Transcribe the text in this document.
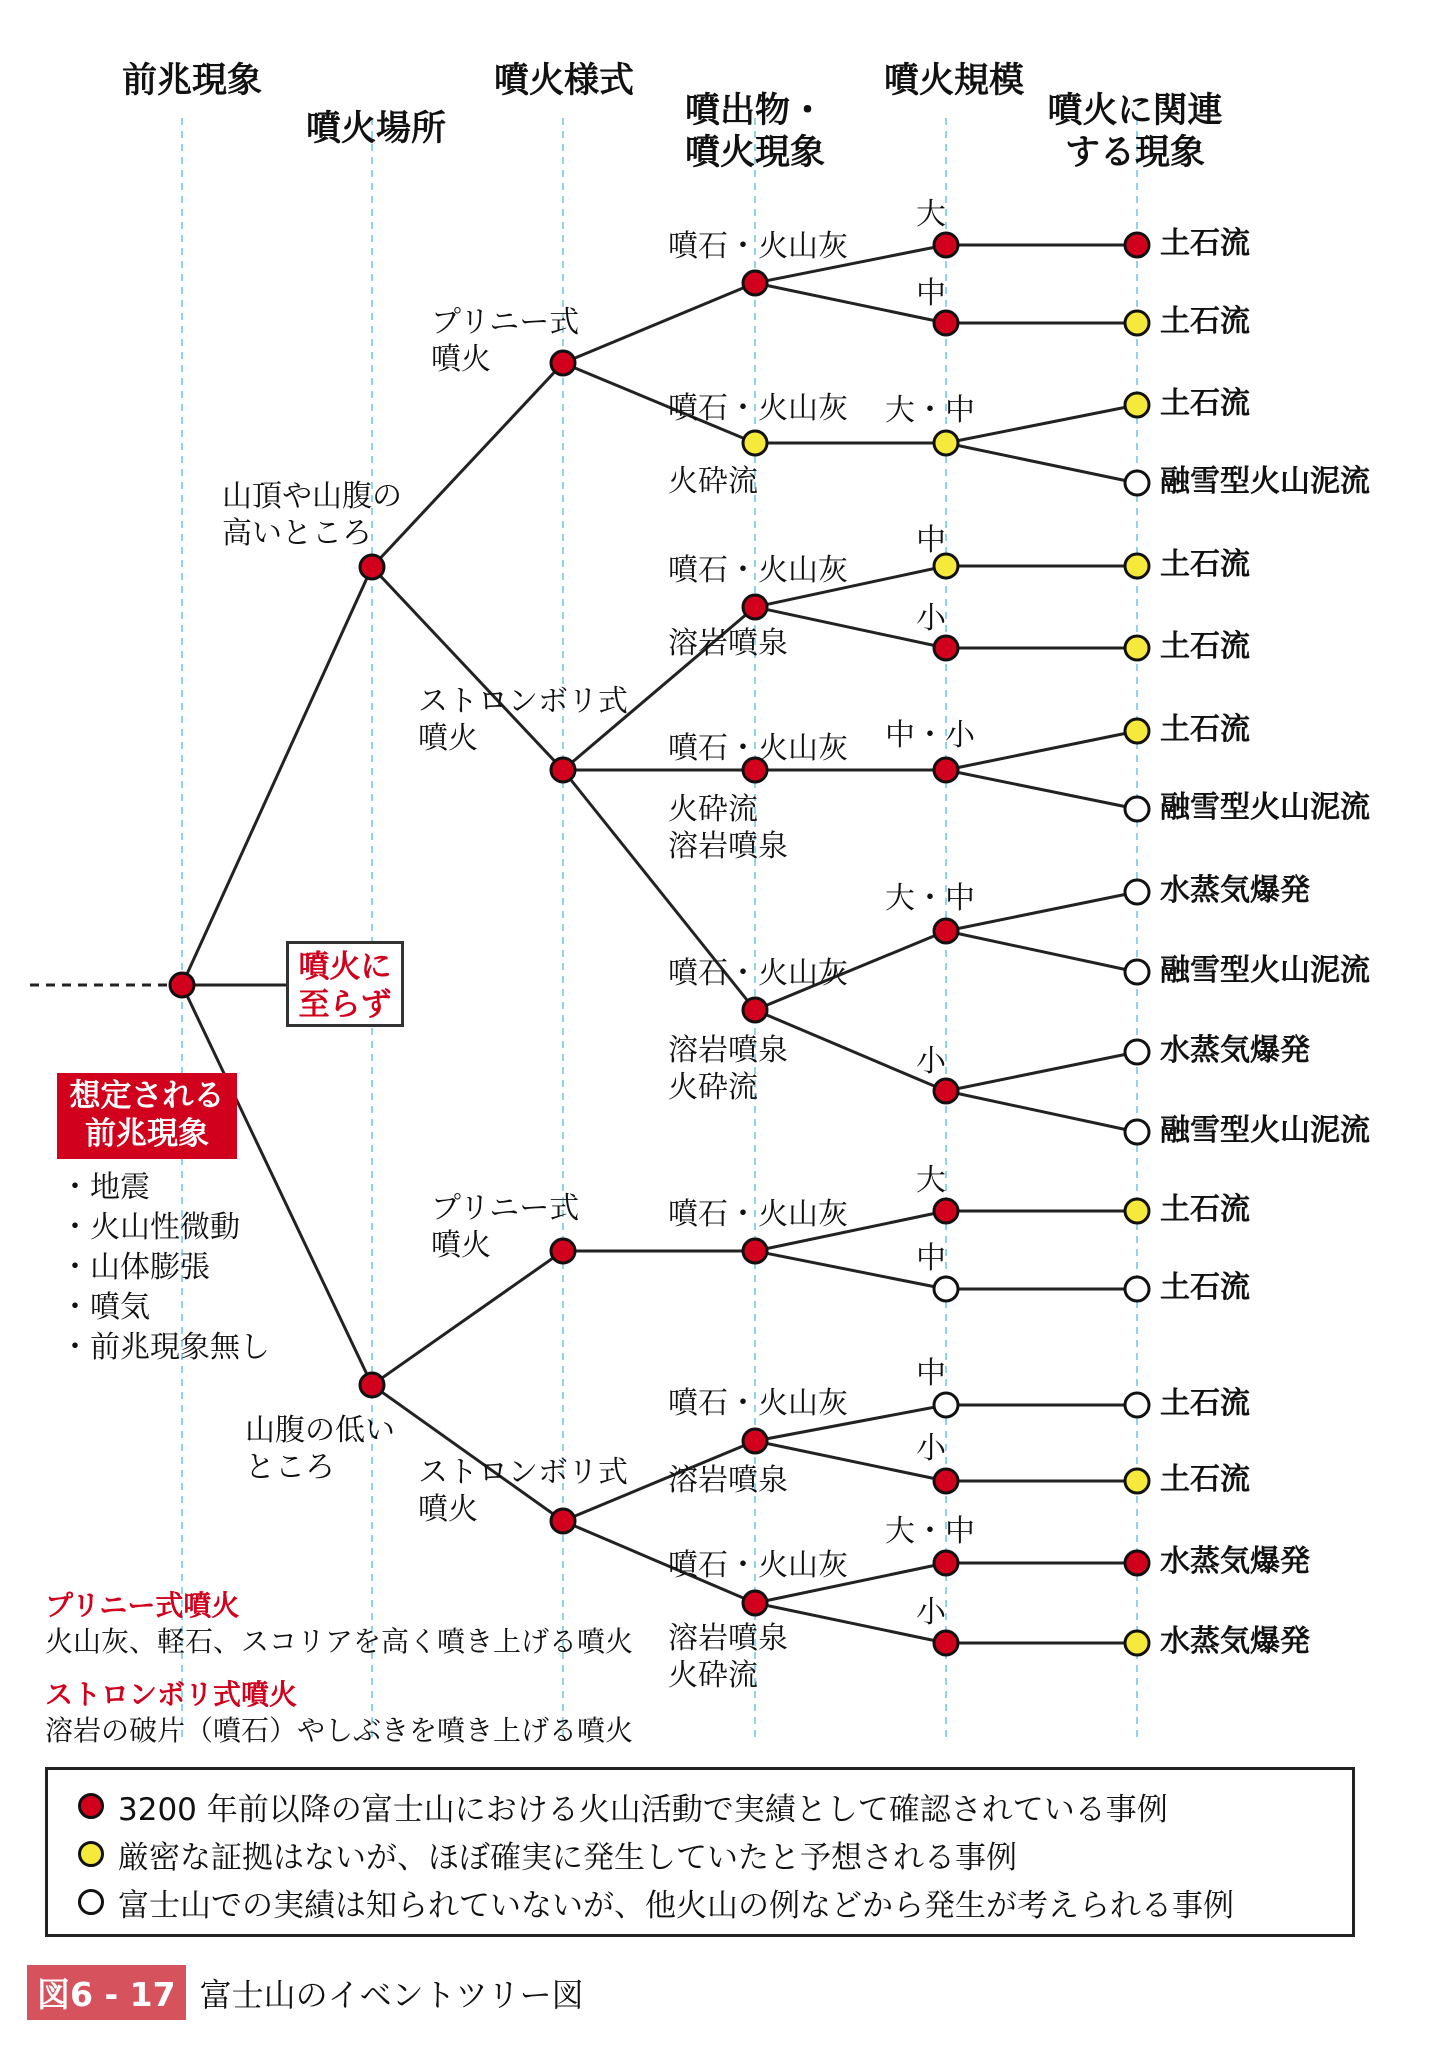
前兆現象
噴火場所
噴火様式
噴出物・
噴火現象
噴火規模
噴火に関連
する現象
噴火に
至らず
想定される
前兆現象
・地震
・火山性微動
・山体膨張
・噴気
・前兆現象無し
プリニー式噴火
火山灰、軽石、スコリアを高く噴き上げる噴火
ストロンボリ式噴火
溶岩の破片（噴石）やしぶきを噴き上げる噴火
3200 年前以降の富士山における火山活動で実績として確認されている事例
厳密な証拠はないが、ほぼ確実に発生していたと予想される事例
富士山での実績は知られていないが、他火山の例などから発生が考えられる事例
図6 - 17 富士山のイベントツリー図
山頂や山腹の
高いところ
山腹の低い
ところ
プリニー式
噴火
ストロンボリ式
噴火
プリニー式
噴火
ストロンボリ式
噴火
噴石・火山灰
噴石・火山灰
火砕流
噴石・火山灰
溶岩噴泉
噴石・火山灰
火砕流
溶岩噴泉
噴石・火山灰
溶岩噴泉
火砕流
噴石・火山灰
噴石・火山灰
溶岩噴泉
噴石・火山灰
溶岩噴泉
火砕流
大
中
大・中
中
小
中・小
大・中
小
大
中
中
小
大・中
小
土石流
土石流
土石流
融雪型火山泥流
土石流
土石流
土石流
融雪型火山泥流
水蒸気爆発
融雪型火山泥流
水蒸気爆発
融雪型火山泥流
土石流
土石流
土石流
土石流
水蒸気爆発
水蒸気爆発
